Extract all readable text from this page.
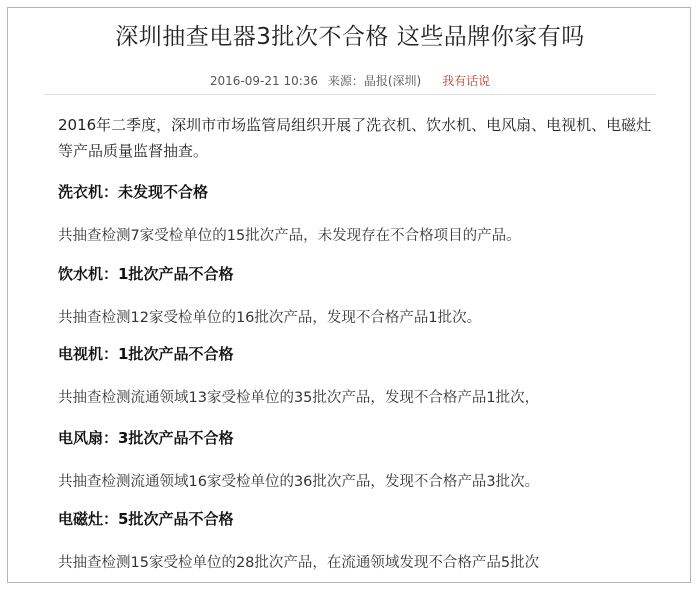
深圳抽查电器3批次不合格 这些品牌你家有吗
2016-09-21 10:36 来源：晶报(深圳) 我有话说
2016年二季度，深圳市市场监管局组织开展了洗衣机、饮水机、电风扇、电视机、电磁灶等产品质量监督抽查。
洗衣机：未发现不合格

共抽查检测7家受检单位的15批次产品，未发现存在不合格项目的产品。

饮水机：1批次产品不合格

共抽查检测12家受检单位的16批次产品，发现不合格产品1批次。

电视机：1批次产品不合格

共抽查检测流通领域13家受检单位的35批次产品，发现不合格产品1批次，

电风扇：3批次产品不合格

共抽查检测流通领域16家受检单位的36批次产品，发现不合格产品3批次。

电磁灶：5批次产品不合格

共抽查检测15家受检单位的28批次产品，在流通领域发现不合格产品5批次
